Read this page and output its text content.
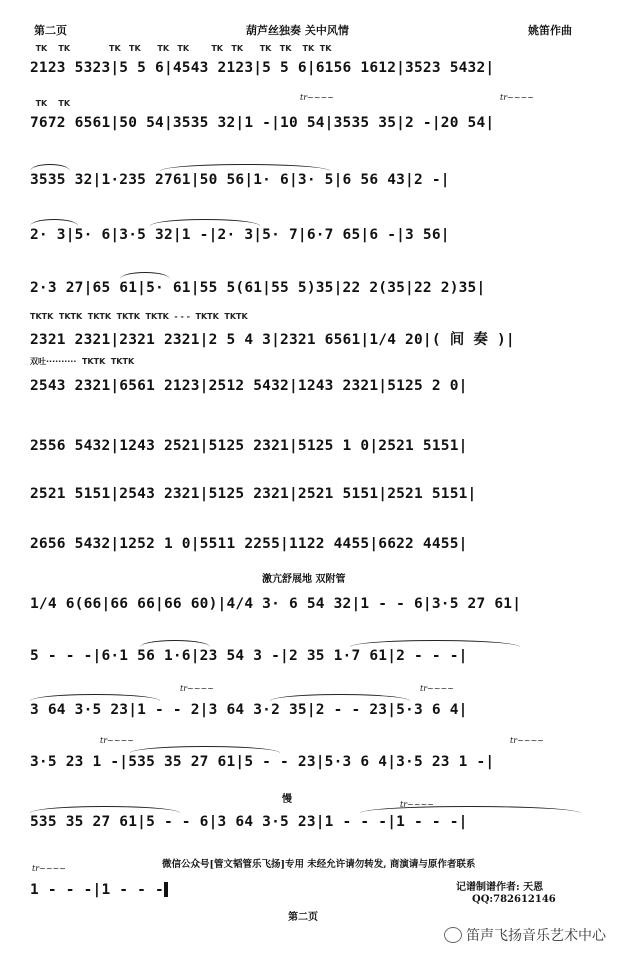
第二页	葫芦丝独奏 关中风情	姚笛作曲
TK    TK              TK   TK      TK   TK        TK   TK      TK   TK    TK  TK
2123 5323|5 5 6|4543 2123|5 5 6|6156 1612|3523 5432|
TK    TK
tr~~~~	tr~~~~
7672 6561|50 54|3535 32|1 -|10 54|3535 35|2 -|20 54|
3535 32|1·235 2761|50 56|1· 6|3· 5|6 56 43|2 -|
2· 3|5· 6|3·5 32|1 -|2· 3|5· 7|6·7 65|6 -|3 56|
2·3 27|65 61|5· 61|55 5(61|55 5)35|22 2(35|22 2)35|
TKTK  TKTK  TKTK  TKTK  TKTK  - - -  TKTK  TKTK
2321 2321|2321 2321|2 5 4 3|2321 6561|1/4 20|( 间 奏 )|
双吐··········  TKTK  TKTK
2543 2321|6561 2123|2512 5432|1243 2321|5125 2 0|
2556 5432|1243 2521|5125 2321|5125 1 0|2521 5151|
2521 5151|2543 2321|5125 2321|2521 5151|2521 5151|
2656 5432|1252 1 0|5511 2255|1122 4455|6622 4455|
激亢舒展地 双附管
1/4 6(66|66 66|66 60)|4/4 3· 6 54 32|1 - - 6|3·5 27 61|
5 - - -|6·1 56 1·6|23 54 3 -|2 35 1·7 61|2 - - -|
tr~~~~	tr~~~~
3 64 3·5 23|1 - - 2|3 64 3·2 35|2 - - 23|5·3 6 4|
tr~~~~	tr~~~~
3·5 23 1 -|535 35 27 61|5 - - 23|5·3 6 4|3·5 23 1 -|
慢	tr~~~~
535 35 27 61|5 - - 6|3 64 3·5 23|1 - - -|1 - - -|
微信公众号[管文韬管乐飞扬]专用 未经允许请勿转发, 商演请与原作者联系
tr~~~~
1 - - -|1 - - -	记谱制谱作者: 天恩
QQ:782612146
第二页
笛声飞扬音乐艺术中心
